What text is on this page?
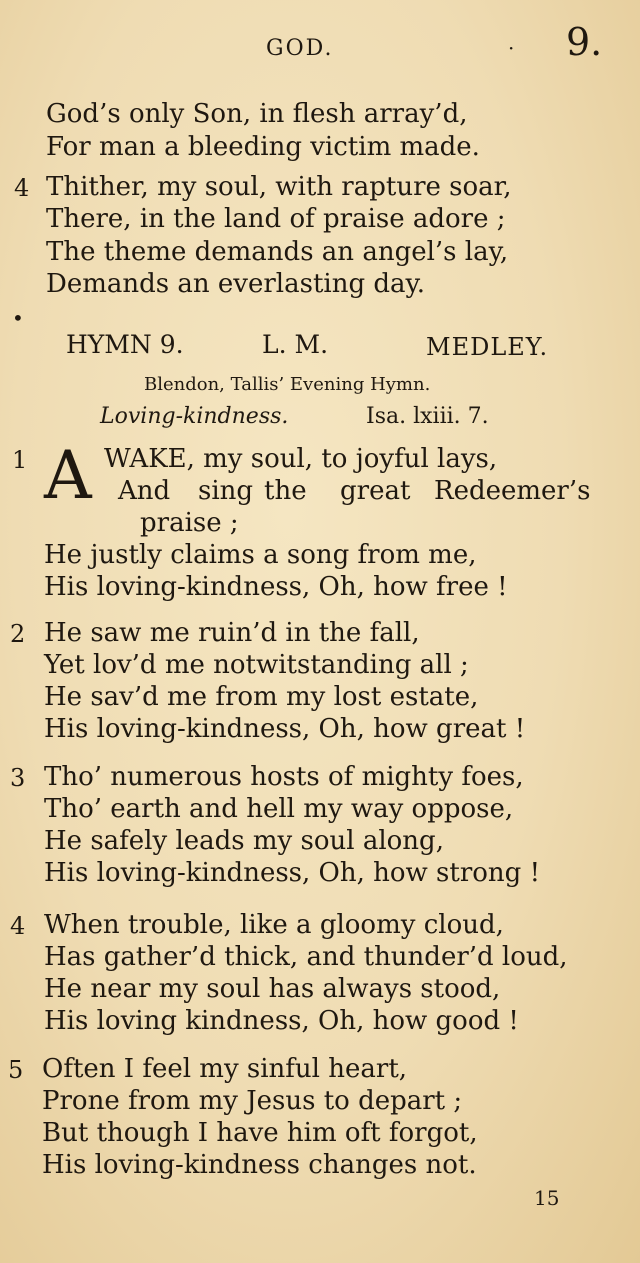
GOD.	· 9.
God’s only Son, in flesh array’d,
For man a bleeding victim made.
4 Thither, my soul, with rapture soar,
There, in the land of praise adore ;
The theme demands an angel’s lay,
Demands an everlasting day.
•
HYMN 9.	L. M.	MEDLEY.
Blendon, Tallis’ Evening Hymn.
Loving-kindness.	Isa. lxiii. 7.
1 A WAKE, my soul, to joyful lays,
And sing the great Redeemer’s
praise ;
He justly claims a song from me,
His loving-kindness, Oh, how free !
2 He saw me ruin’d in the fall,
Yet lov’d me notwitstanding all ;
He sav’d me from my lost estate,
His loving-kindness, Oh, how great !
3 Tho’ numerous hosts of mighty foes,
Tho’ earth and hell my way oppose,
He safely leads my soul along,
His loving-kindness, Oh, how strong !
4 When trouble, like a gloomy cloud,
Has gather’d thick, and thunder’d loud,
He near my soul has always stood,
His loving kindness, Oh, how good !
5 Often I feel my sinful heart,
Prone from my Jesus to depart ;
But though I have him oft forgot,
His loving-kindness changes not.
15
